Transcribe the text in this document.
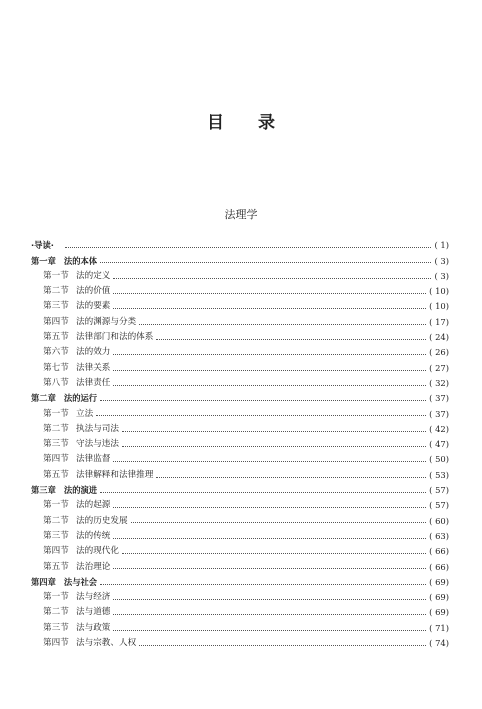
目 录
法理学
·导读·	( 1)
第一章 法的本体	( 3)
第一节 法的定义	( 3)
第二节 法的价值	( 10)
第三节 法的要素	( 10)
第四节 法的渊源与分类	( 17)
第五节 法律部门和法的体系	( 24)
第六节 法的效力	( 26)
第七节 法律关系	( 27)
第八节 法律责任	( 32)
第二章 法的运行	( 37)
第一节 立法	( 37)
第二节 执法与司法	( 42)
第三节 守法与违法	( 47)
第四节 法律监督	( 50)
第五节 法律解释和法律推理	( 53)
第三章 法的演进	( 57)
第一节 法的起源	( 57)
第二节 法的历史发展	( 60)
第三节 法的传统	( 63)
第四节 法的现代化	( 66)
第五节 法治理论	( 66)
第四章 法与社会	( 69)
第一节 法与经济	( 69)
第二节 法与道德	( 69)
第三节 法与政策	( 71)
第四节 法与宗教、人权	( 74)
